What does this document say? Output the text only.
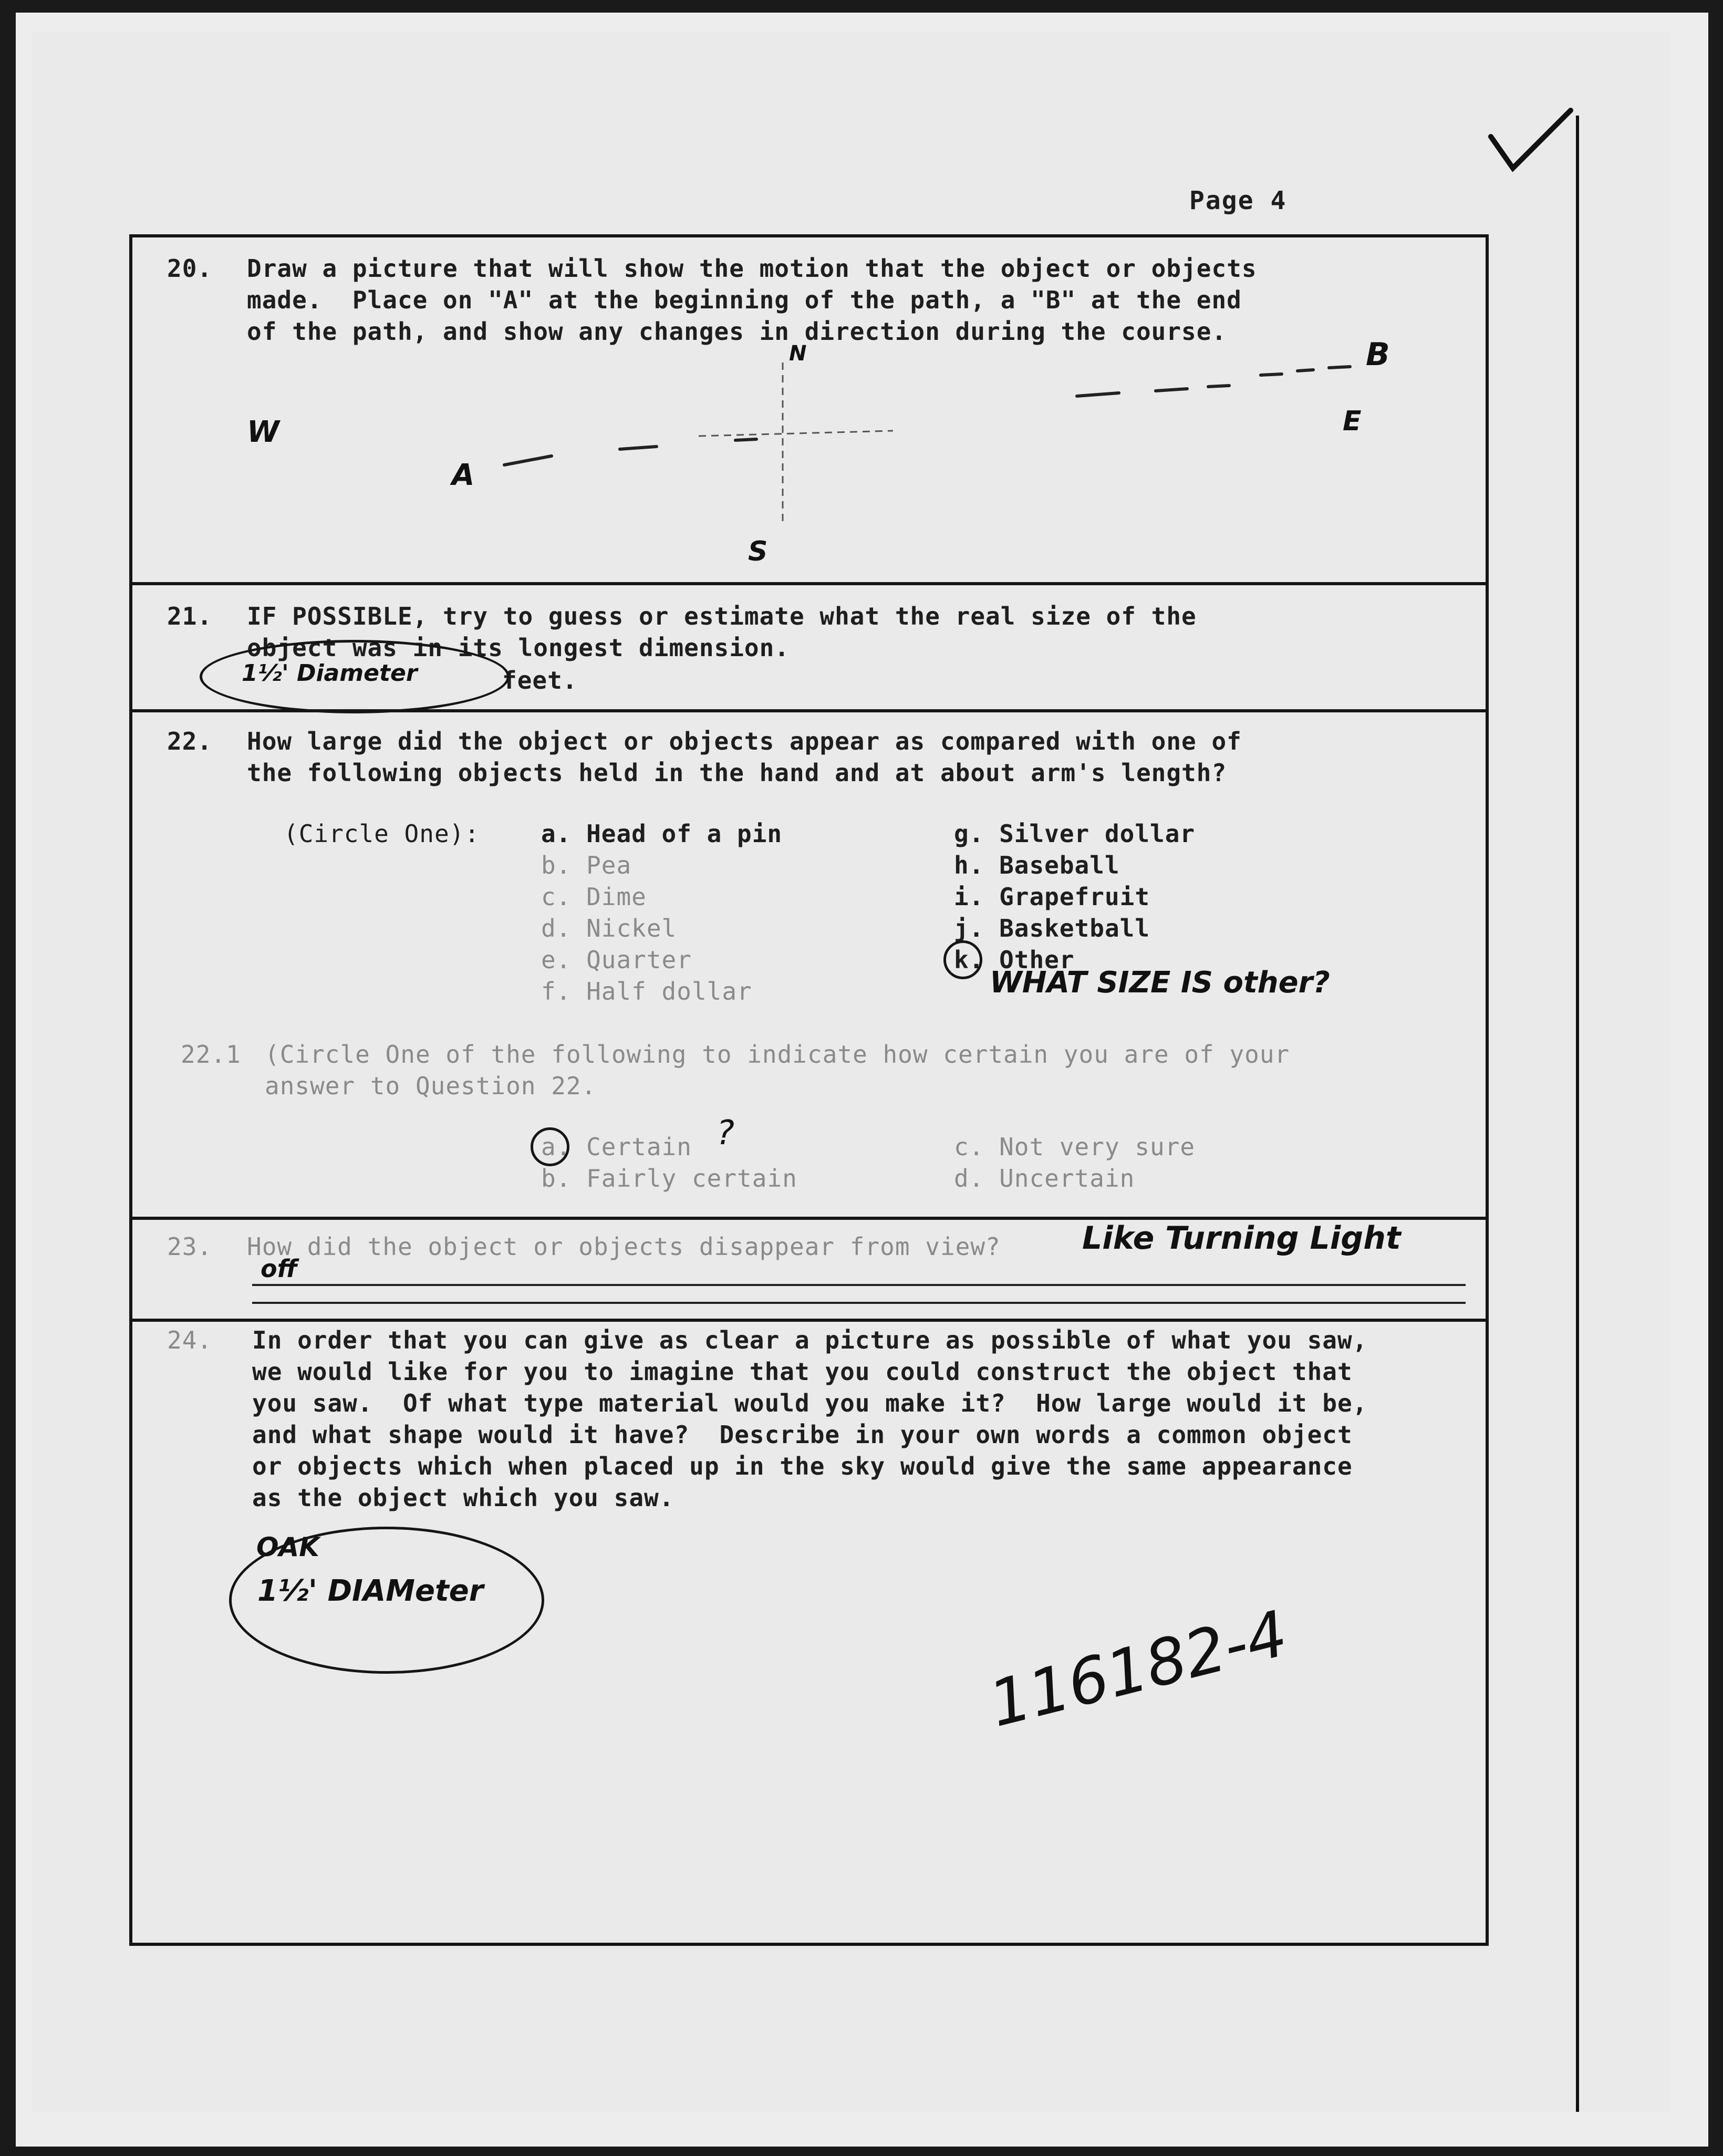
Page 4
20. Draw a picture that will show the motion that the object or objects
made.  Place on "A" at the beginning of the path, a "B" at the end
of the path, and show any changes in direction during the course.
N
S
E
W
A
B
21. IF POSSIBLE, try to guess or estimate what the real size of the
object was in its longest dimension.
feet.
1½' Diameter
22. How large did the object or objects appear as compared with one of
the following objects held in the hand and at about arm's length?
(Circle One):	a. Head of a pin
b. Pea
c. Dime
d. Nickel
e. Quarter
f. Half dollar
g. Silver dollar
h. Baseball
i. Grapefruit
j. Basketball
k. Other
WHAT SIZE IS other?
22.1 (Circle One of the following to indicate how certain you are of your
answer to Question 22.
a. Certain
b. Fairly certain
c. Not very sure
d. Uncertain
?
23. How did the object or objects disappear from view?	Like Turning Light
off
24. In order that you can give as clear a picture as possible of what you saw,
we would like for you to imagine that you could construct the object that
you saw.  Of what type material would you make it?  How large would it be,
and what shape would it have?  Describe in your own words a common object
or objects which when placed up in the sky would give the same appearance
as the object which you saw.
OAK
1½' DIAMeter
116182-4
